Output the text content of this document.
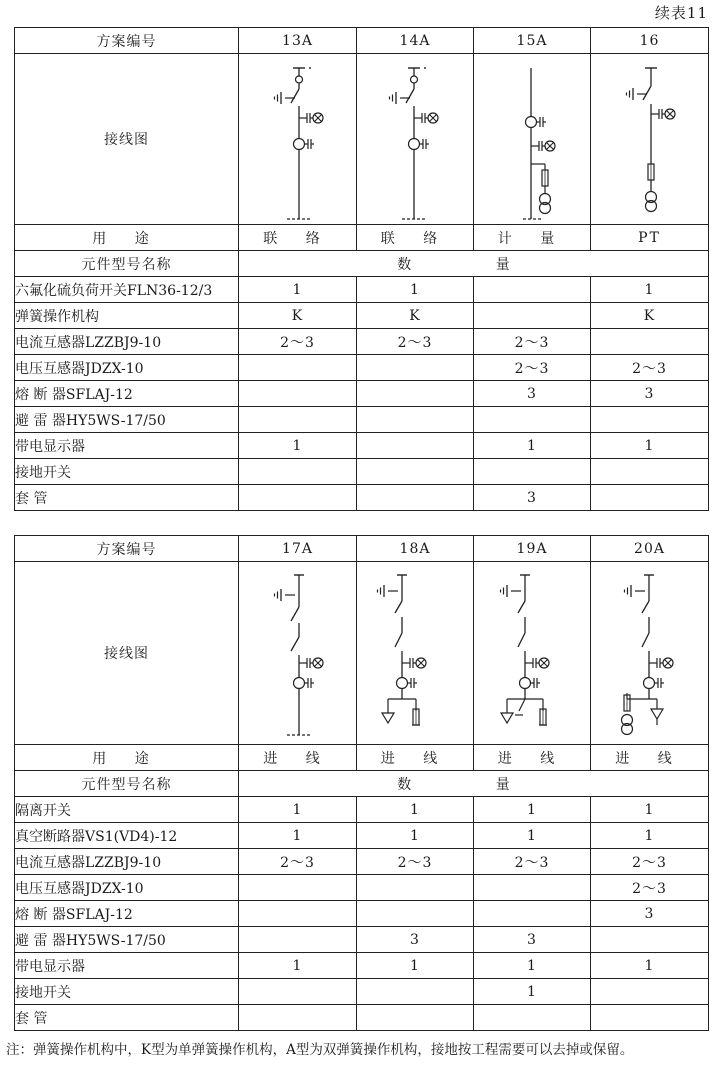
续表11
方案编号	13A	14A	15A	16
接线图	

用 途	联 络	联 络	计 量	PT
元件型号名称	数 量			
六氟化硫负荷开关FLN36-12/3	1	1		1
弹簧操作机构	K	K		K
电流互感器LZZBJ9-10	2～3	2～3	2～3	
电压互感器JDZX-10			2～3	2～3
熔 断 器SFLAJ-12			3	3
避 雷 器HY5WS-17/50				
带电显示器	1		1	1
接地开关				
套 管			3	
方案编号	17A	18A	19A	20A
接线图	

用 途	进 线	进 线	进 线	进 线
元件型号名称	数 量			
隔离开关	1	1	1	1
真空断路器VS1(VD4)-12	1	1	1	1
电流互感器LZZBJ9-10	2～3	2～3	2～3	2～3
电压互感器JDZX-10				2～3
熔 断 器SFLAJ-12				3
避 雷 器HY5WS-17/50		3	3	
带电显示器	1	1	1	1
接地开关			1	
套 管				
注：弹簧操作机构中，K型为单弹簧操作机构，A型为双弹簧操作机构，接地按工程需要可以去掉或保留。
